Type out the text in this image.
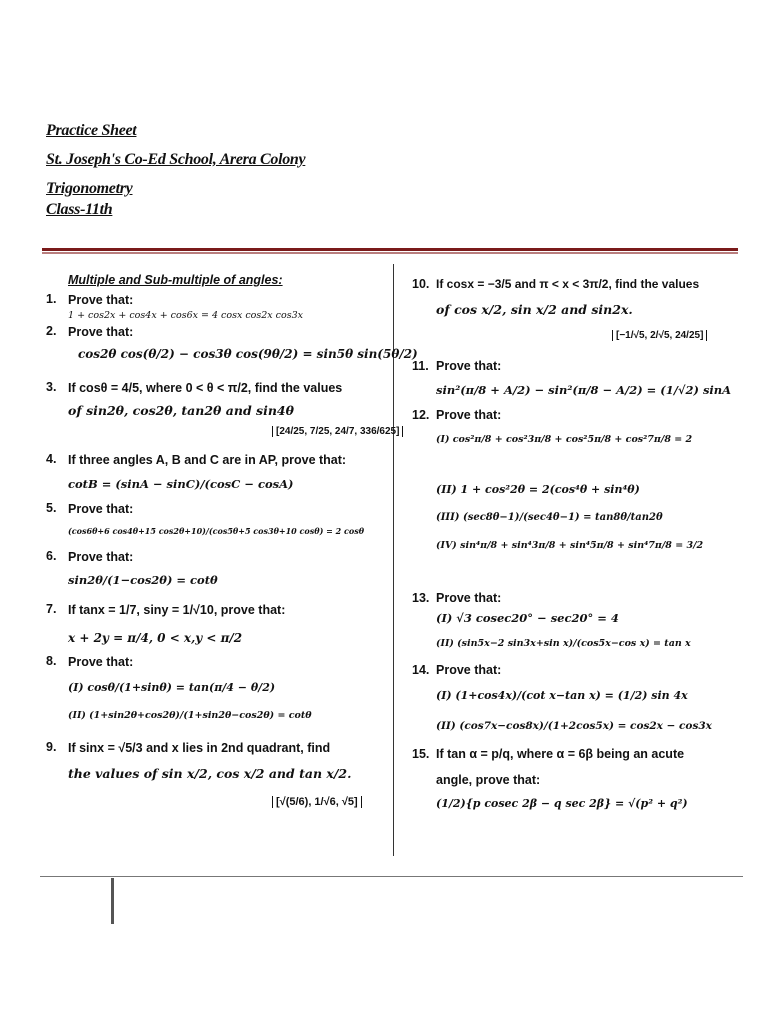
Practice Sheet
St. Joseph's Co-Ed School, Arera Colony
Trigonometry
Class-11th
Multiple and Sub-multiple of angles:
1. Prove that:
1 + cos2x + cos4x + cos6x = 4 cosx cos2x cos3x
2. Prove that:
cos2θ cos(θ/2) − cos3θ cos(9θ/2) = sin5θ sin(5θ/2)
3. If cosθ = 4/5, where 0 < θ < π/2, find the values
of sin2θ, cos2θ, tan2θ and sin4θ
[24/25, 7/25, 24/7, 336/625]
4. If three angles A, B and C are in AP, prove that:
cotB = (sinA − sinC)/(cosC − cosA)
5. Prove that:
(cos6θ+6 cos4θ+15 cos2θ+10)/(cos5θ+5 cos3θ+10 cosθ) = 2 cosθ
6. Prove that:
sin2θ/(1−cos2θ) = cotθ
7. If tanx = 1/7, siny = 1/√10, prove that:
x + 2y = π/4, 0 < x,y < π/2
8. Prove that:
(I) cosθ/(1+sinθ) = tan(π/4 − θ/2)
(II) (1+sin2θ+cos2θ)/(1+sin2θ−cos2θ) = cotθ
9. If sinx = √5/3 and x lies in 2nd quadrant, find
the values of sin x/2, cos x/2 and tan x/2.
[√(5/6), 1/√6, √5]
10. If cosx = −3/5 and π < x < 3π/2, find the values
of cos x/2, sin x/2 and sin2x.
[−1/√5, 2/√5, 24/25]
11. Prove that:
sin²(π/8 + A/2) − sin²(π/8 − A/2) = (1/√2) sinA
12. Prove that:
(I) cos²π/8 + cos²3π/8 + cos²5π/8 + cos²7π/8 = 2
(II) 1 + cos²2θ = 2(cos⁴θ + sin⁴θ)
(III) (sec8θ−1)/(sec4θ−1) = tan8θ/tan2θ
(IV) sin⁴π/8 + sin⁴3π/8 + sin⁴5π/8 + sin⁴7π/8 = 3/2
13. Prove that:
(I) √3 cosec20° − sec20° = 4
(II) (sin5x−2 sin3x+sin x)/(cos5x−cos x) = tan x
14. Prove that:
(I) (1+cos4x)/(cot x−tan x) = (1/2) sin 4x
(II) (cos7x−cos8x)/(1+2cos5x) = cos2x − cos3x
15. If tan α = p/q, where α = 6β being an acute
angle, prove that:
(1/2){p cosec 2β − q sec 2β} = √(p² + q²)
